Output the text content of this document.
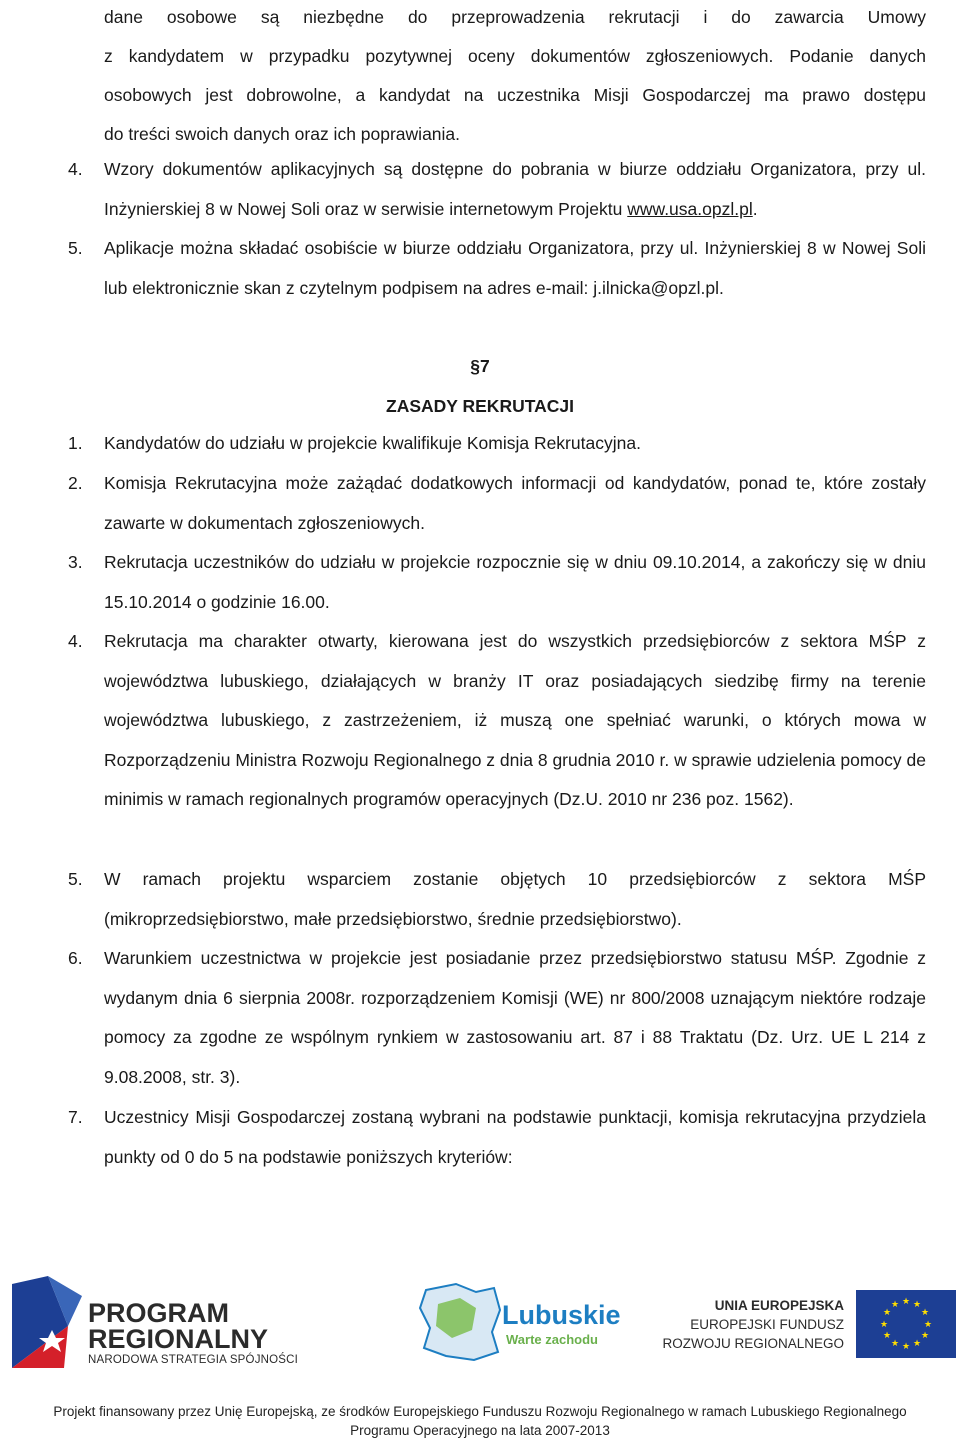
dane osobowe są niezbędne do przeprowadzenia rekrutacji i do zawarcia Umowy
z kandydatem w przypadku pozytywnej oceny dokumentów zgłoszeniowych. Podanie danych
osobowych jest dobrowolne, a kandydat na uczestnika Misji Gospodarczej ma prawo dostępu
do treści swoich danych oraz ich poprawiania.
4.	Wzory dokumentów aplikacyjnych są dostępne do pobrania w biurze oddziału Organizatora, przy ul. Inżynierskiej 8 w Nowej Soli oraz w serwisie internetowym Projektu www.usa.opzl.pl.
5.	Aplikacje można składać osobiście w biurze oddziału Organizatora, przy ul. Inżynierskiej 8 w Nowej Soli lub elektronicznie skan z czytelnym podpisem na adres e-mail: j.ilnicka@opzl.pl.
§7
ZASADY REKRUTACJI
1.	Kandydatów do udziału w projekcie kwalifikuje Komisja Rekrutacyjna.
2.	Komisja Rekrutacyjna może zażądać dodatkowych informacji od kandydatów, ponad te, które zostały zawarte w dokumentach zgłoszeniowych.
3.	Rekrutacja uczestników do udziału w projekcie rozpocznie się w dniu 09.10.2014, a zakończy się w dniu 15.10.2014 o godzinie 16.00.
4.	Rekrutacja ma charakter otwarty, kierowana jest do wszystkich przedsiębiorców z sektora MŚP z województwa lubuskiego, działających w branży IT oraz posiadających siedzibę firmy na terenie województwa lubuskiego, z zastrzeżeniem, iż muszą one spełniać warunki, o których mowa w Rozporządzeniu Ministra Rozwoju Regionalnego z dnia 8 grudnia 2010 r. w sprawie udzielenia pomocy de minimis w ramach regionalnych programów operacyjnych (Dz.U. 2010 nr 236 poz. 1562).
5.	W ramach projektu wsparciem zostanie objętych 10 przedsiębiorców z sektora MŚP (mikroprzedsiębiorstwo, małe przedsiębiorstwo, średnie przedsiębiorstwo).
6.	Warunkiem uczestnictwa w projekcie jest posiadanie przez przedsiębiorstwo statusu MŚP. Zgodnie z wydanym dnia 6 sierpnia 2008r. rozporządzeniem Komisji (WE) nr 800/2008 uznającym niektóre rodzaje pomocy za zgodne ze wspólnym rynkiem w zastosowaniu art. 87 i 88 Traktatu (Dz. Urz. UE L 214 z 9.08.2008, str. 3).
7.	Uczestnicy Misji Gospodarczej zostaną wybrani na podstawie punktacji, komisja rekrutacyjna przydziela punkty od 0 do 5 na podstawie poniższych kryteriów:
PROGRAM
REGIONALNY
NARODOWA STRATEGIA SPÓJNOŚCI
Lubuskie
Warte zachodu
UNIA EUROPEJSKA
EUROPEJSKI FUNDUSZ
ROZWOJU REGIONALNEGO
★ ★
★
★
★
★
★
★
★
★
★
★
Projekt finansowany przez Unię Europejską, ze środków Europejskiego Funduszu Rozwoju Regionalnego w ramach Lubuskiego Regionalnego
Programu Operacyjnego na lata 2007-2013
